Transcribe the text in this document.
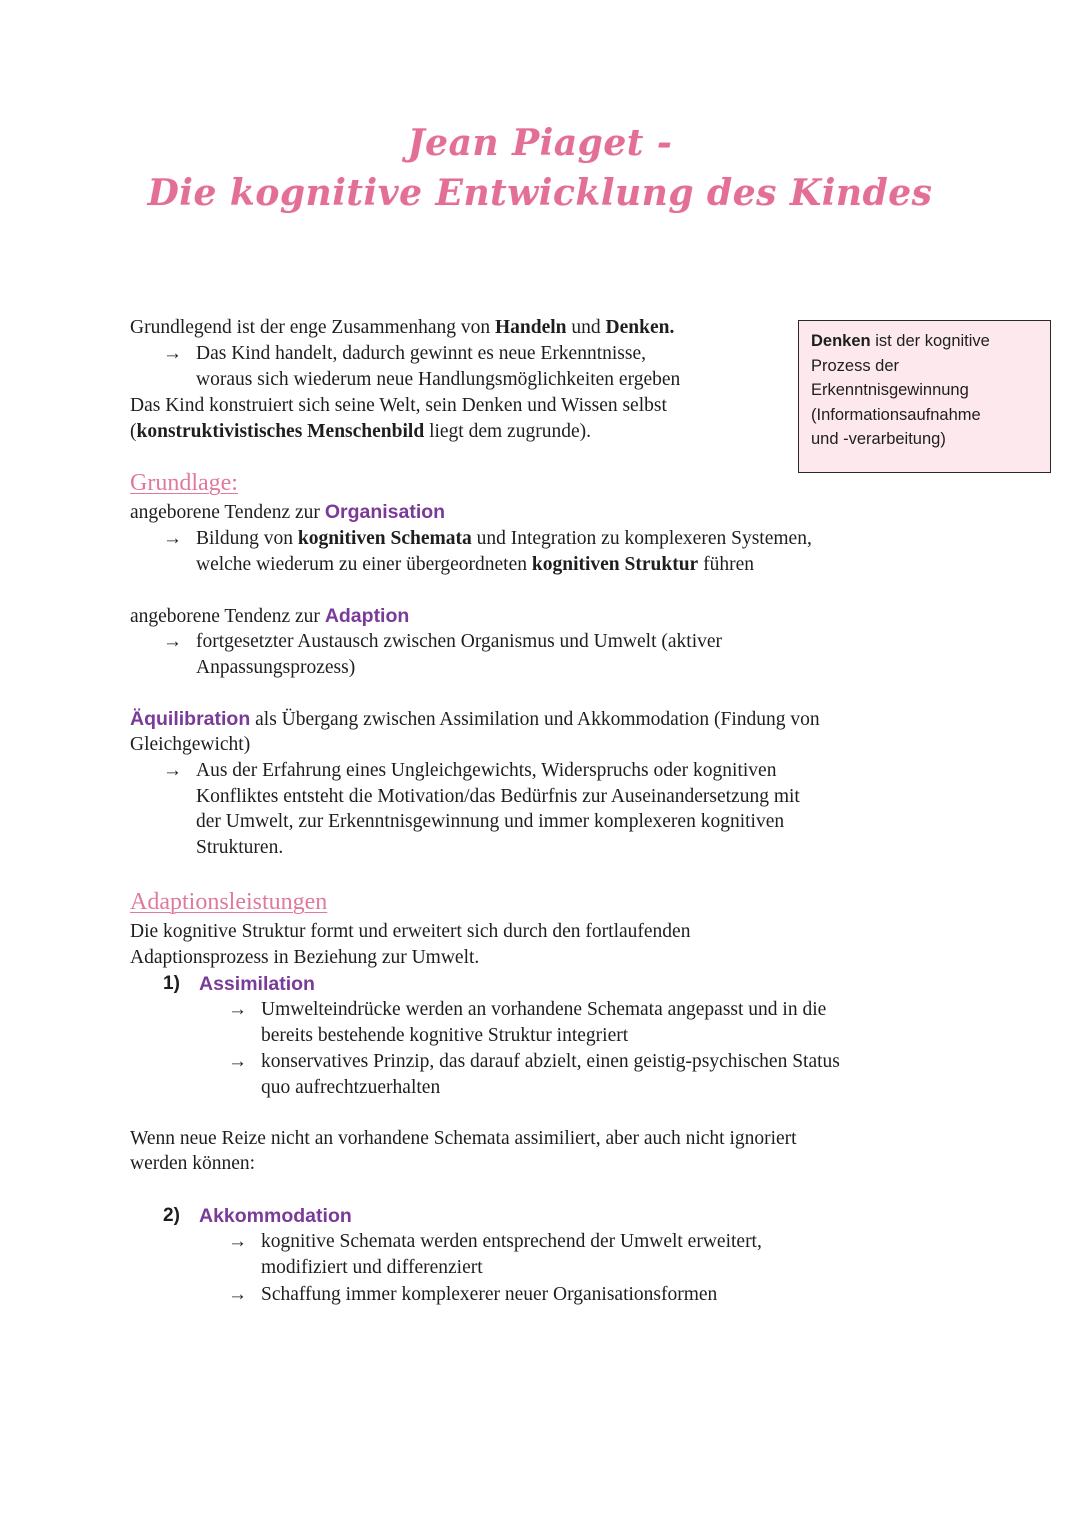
Jean Piaget -
Die kognitive Entwicklung des Kindes
Grundlegend ist der enge Zusammenhang von Handeln und Denken.
→ Das Kind handelt, dadurch gewinnt es neue Erkenntnisse,
woraus sich wiederum neue Handlungsmöglichkeiten ergeben
Das Kind konstruiert sich seine Welt, sein Denken und Wissen selbst
(konstruktivistisches Menschenbild liegt dem zugrunde).
Denken ist der kognitive
Prozess der
Erkenntnisgewinnung
(Informationsaufnahme
und -verarbeitung)
Grundlage:
angeborene Tendenz zur Organisation
→ Bildung von kognitiven Schemata und Integration zu komplexeren Systemen,
welche wiederum zu einer übergeordneten kognitiven Struktur führen
angeborene Tendenz zur Adaption
→ fortgesetzter Austausch zwischen Organismus und Umwelt (aktiver
Anpassungsprozess)
Äquilibration als Übergang zwischen Assimilation und Akkommodation (Findung von
Gleichgewicht)
→ Aus der Erfahrung eines Ungleichgewichts, Widerspruchs oder kognitiven
Konfliktes entsteht die Motivation/das Bedürfnis zur Auseinandersetzung mit
der Umwelt, zur Erkenntnisgewinnung und immer komplexeren kognitiven
Strukturen.
Adaptionsleistungen
Die kognitive Struktur formt und erweitert sich durch den fortlaufenden
Adaptionsprozess in Beziehung zur Umwelt.
1) Assimilation
→ Umwelteindrücke werden an vorhandene Schemata angepasst und in die
bereits bestehende kognitive Struktur integriert
→ konservatives Prinzip, das darauf abzielt, einen geistig-psychischen Status
quo aufrechtzuerhalten
Wenn neue Reize nicht an vorhandene Schemata assimiliert, aber auch nicht ignoriert
werden können:
2) Akkommodation
→ kognitive Schemata werden entsprechend der Umwelt erweitert,
modifiziert und differenziert
→ Schaffung immer komplexerer neuer Organisationsformen
